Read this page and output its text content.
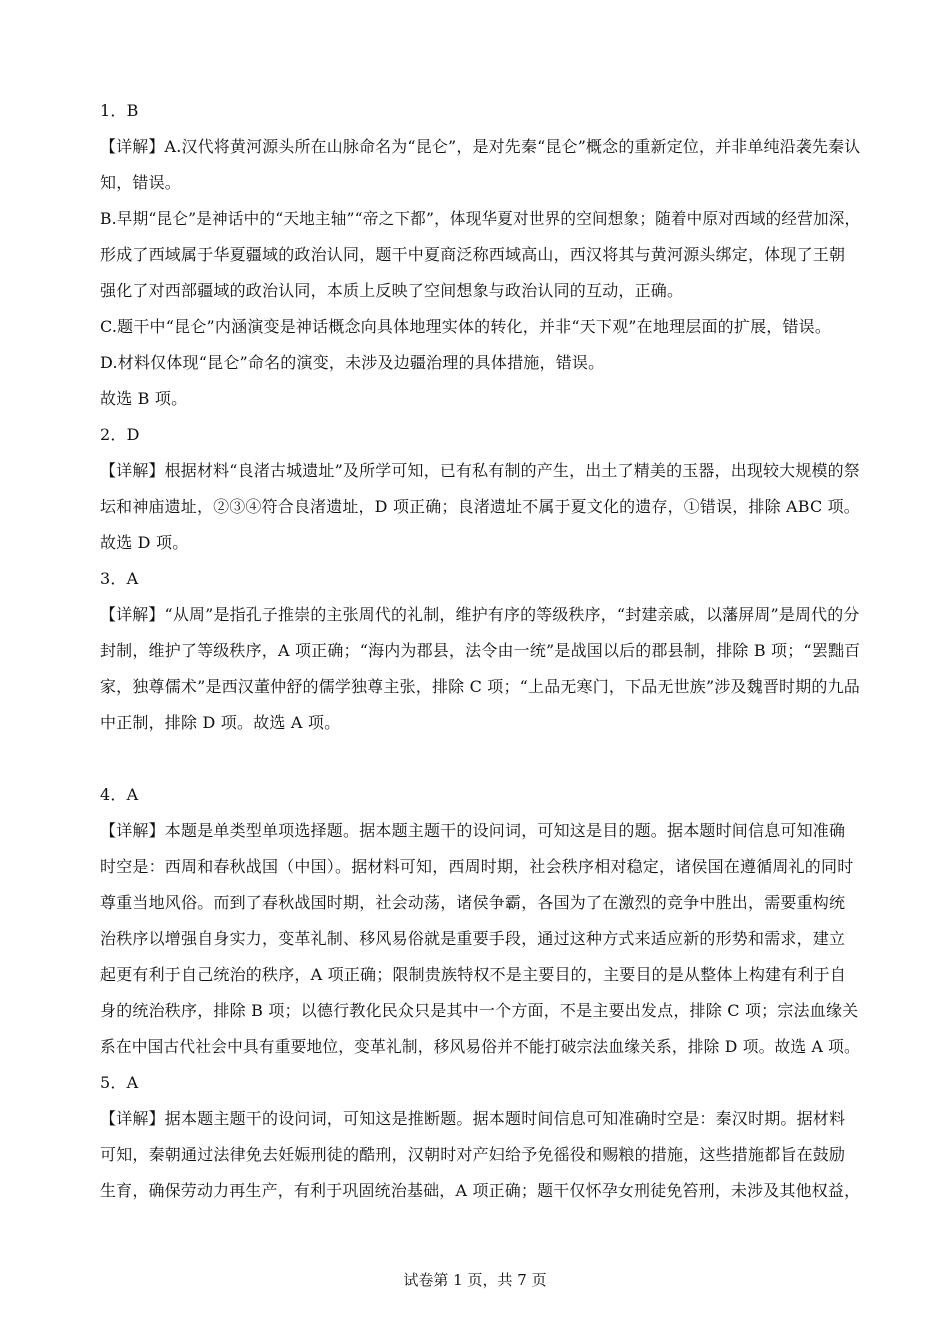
1．B
【详解】A.汉代将黄河源头所在山脉命名为“昆仑”，是对先秦“昆仑”概念的重新定位，并非单纯沿袭先秦认
知，错误。
B.早期“昆仑”是神话中的“天地主轴”“帝之下都”，体现华夏对世界的空间想象；随着中原对西域的经营加深，
形成了西域属于华夏疆域的政治认同，题干中夏商泛称西域高山，西汉将其与黄河源头绑定，体现了王朝
强化了对西部疆域的政治认同，本质上反映了空间想象与政治认同的互动，正确。
C.题干中“昆仑”内涵演变是神话概念向具体地理实体的转化，并非“天下观”在地理层面的扩展，错误。
D.材料仅体现“昆仑”命名的演变，未涉及边疆治理的具体措施，错误。
故选 B 项。
2．D
【详解】根据材料“良渚古城遗址”及所学可知，已有私有制的产生，出土了精美的玉器，出现较大规模的祭
坛和神庙遗址，②③④符合良渚遗址，D 项正确；良渚遗址不属于夏文化的遗存，①错误，排除 ABC 项。
故选 D 项。
3．A
【详解】“从周”是指孔子推崇的主张周代的礼制，维护有序的等级秩序，“封建亲戚，以藩屏周”是周代的分
封制，维护了等级秩序，A 项正确；“海内为郡县，法令由一统”是战国以后的郡县制，排除 B 项；“罢黜百
家，独尊儒术”是西汉董仲舒的儒学独尊主张，排除 C 项；“上品无寒门，下品无世族”涉及魏晋时期的九品
中正制，排除 D 项。故选 A 项。
4．A
【详解】本题是单类型单项选择题。据本题主题干的设问词，可知这是目的题。据本题时间信息可知准确
时空是：西周和春秋战国（中国）。据材料可知，西周时期，社会秩序相对稳定，诸侯国在遵循周礼的同时
尊重当地风俗。而到了春秋战国时期，社会动荡，诸侯争霸，各国为了在激烈的竞争中胜出，需要重构统
治秩序以增强自身实力，变革礼制、移风易俗就是重要手段，通过这种方式来适应新的形势和需求，建立
起更有利于自己统治的秩序，A 项正确；限制贵族特权不是主要目的，主要目的是从整体上构建有利于自
身的统治秩序，排除 B 项；以德行教化民众只是其中一个方面，不是主要出发点，排除 C 项；宗法血缘关
系在中国古代社会中具有重要地位，变革礼制，移风易俗并不能打破宗法血缘关系，排除 D 项。故选 A 项。
5．A
【详解】据本题主题干的设问词，可知这是推断题。据本题时间信息可知准确时空是：秦汉时期。据材料
可知，秦朝通过法律免去妊娠刑徒的酷刑，汉朝时对产妇给予免徭役和赐粮的措施，这些措施都旨在鼓励
生育，确保劳动力再生产，有利于巩固统治基础，A 项正确；题干仅怀孕女刑徒免笞刑，未涉及其他权益，
试卷第 1 页，共 7 页
